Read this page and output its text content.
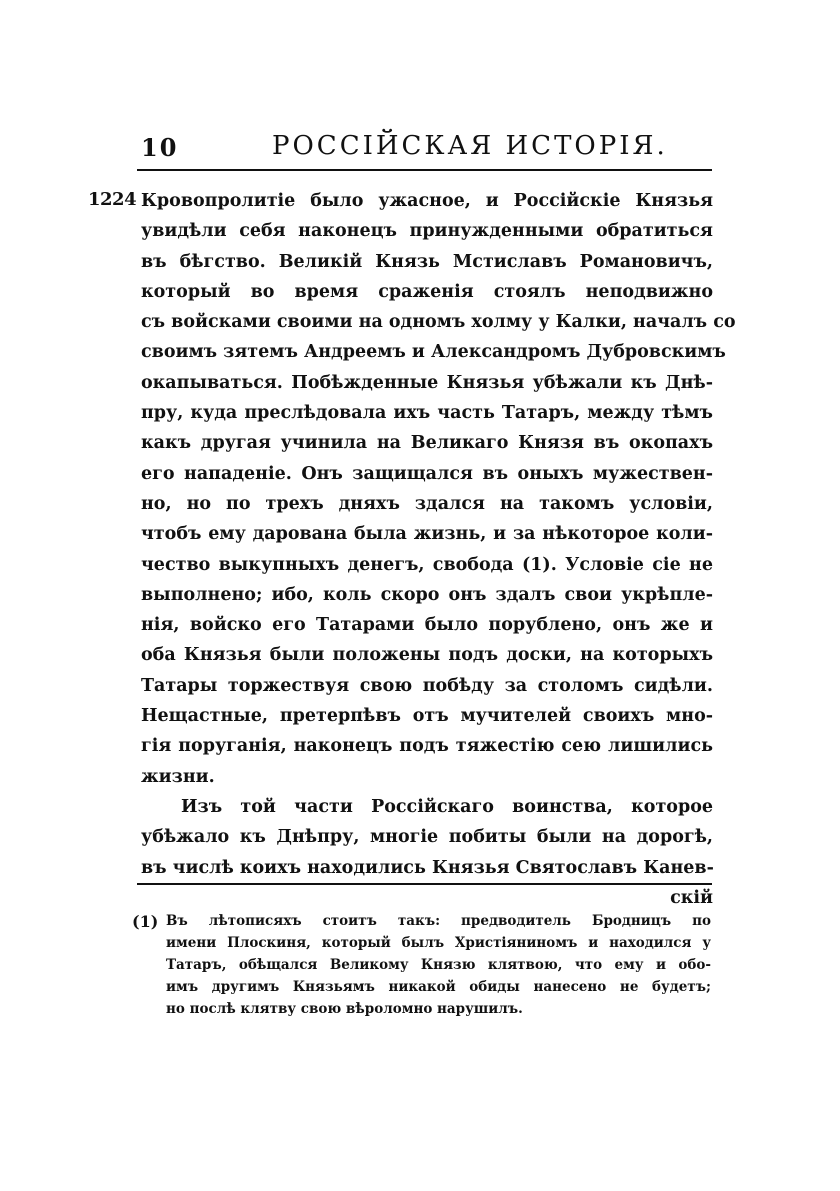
10	РОССІЙСКАЯ ИСТОРІЯ.
1224 Кровопролитіе было ужасное, и Россійскіе Князья
увидѣли себя наконецъ принужденными обратиться
въ бѣгство. Великій Князь Мстиславъ Романовичъ,
который во время сраженія стоялъ неподвижно
съ войсками своими на одномъ холму у Калки, началъ со
своимъ зятемъ Андреемъ и Александромъ Дубровскимъ
окапываться. Побѣжденные Князья убѣжали къ Днѣ-
пру, куда преслѣдовала ихъ часть Татаръ, между тѣмъ
какъ другая учинила на Великаго Князя въ окопахъ
его нападеніе. Онъ защищался въ оныхъ мужествен-
но, но по трехъ дняхъ здался на такомъ условіи,
чтобъ ему дарована была жизнь, и за нѣкоторое коли-
чество выкупныхъ денегъ, свобода (1). Условіе сіе не
выполнено; ибо, коль скоро онъ здалъ свои укрѣпле-
нія, войско его Татарами было порублено, онъ же и
оба Князья были положены подъ доски, на которыхъ
Татары торжествуя свою побѣду за столомъ сидѣли.
Нещастные, претерпѣвъ отъ мучителей своихъ мно-
гія поруганія, наконецъ подъ тяжестію сею лишились
жизни.
Изъ той части Россійскаго воинства, которое
убѣжало къ Днѣпру, многіе побиты были на дорогѣ,
въ числѣ коихъ находились Князья Святославъ Канев-
скій
(1) Въ лѣтописяхъ стоитъ такъ: предводитель Бродницъ по
имени Плоскиня, который былъ Христіяниномъ и находился у
Татаръ, обѣщался Великому Князю клятвою, что ему и обо-
имъ другимъ Князьямъ никакой обиды нанесено не будетъ;
но послѣ клятву свою вѣроломно нарушилъ.
